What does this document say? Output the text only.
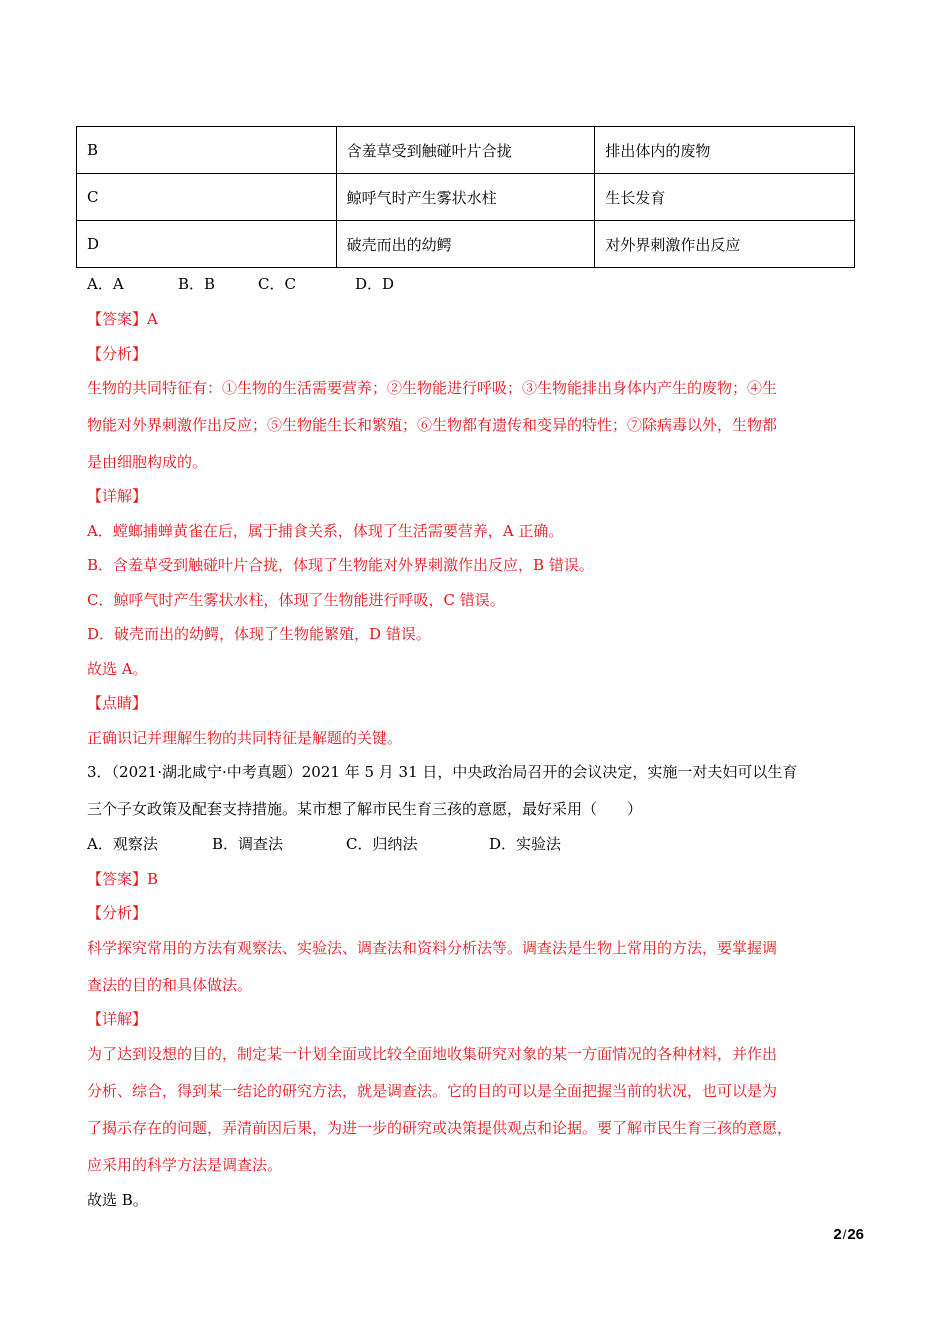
B	含羞草受到触碰叶片合拢	排出体内的废物
C	鲸呼气时产生雾状水柱	生长发育
D	破壳而出的幼鳄	对外界刺激作出反应
A．A	B．B	C．C	D．D
【答案】A
【分析】
生物的共同特征有：①生物的生活需要营养；②生物能进行呼吸；③生物能排出身体内产生的废物；④生
物能对外界刺激作出反应；⑤生物能生长和繁殖；⑥生物都有遗传和变异的特性；⑦除病毒以外，生物都
是由细胞构成的。
【详解】
A．螳螂捕蝉黄雀在后，属于捕食关系，体现了生活需要营养，A 正确。
B．含羞草受到触碰叶片合拢，体现了生物能对外界刺激作出反应，B 错误。
C．鲸呼气时产生雾状水柱，体现了生物能进行呼吸，C 错误。
D．破壳而出的幼鳄，体现了生物能繁殖，D 错误。
故选 A。
【点睛】
正确识记并理解生物的共同特征是解题的关键。
3．（2021·湖北咸宁·中考真题）2021 年 5 月 31 日，中央政治局召开的会议决定，实施一对夫妇可以生育
三个子女政策及配套支持措施。某市想了解市民生育三孩的意愿，最好采用（　　）
A．观察法	B．调查法	C．归纳法	D．实验法
【答案】B
【分析】
科学探究常用的方法有观察法、实验法、调查法和资料分析法等。调查法是生物上常用的方法，要掌握调
查法的目的和具体做法。
【详解】
为了达到设想的目的，制定某一计划全面或比较全面地收集研究对象的某一方面情况的各种材料，并作出
分析、综合，得到某一结论的研究方法，就是调查法。它的目的可以是全面把握当前的状况，也可以是为
了揭示存在的问题，弄清前因后果，为进一步的研究或决策提供观点和论据。要了解市民生育三孩的意愿，
应采用的科学方法是调查法。
故选 B。
2/26
